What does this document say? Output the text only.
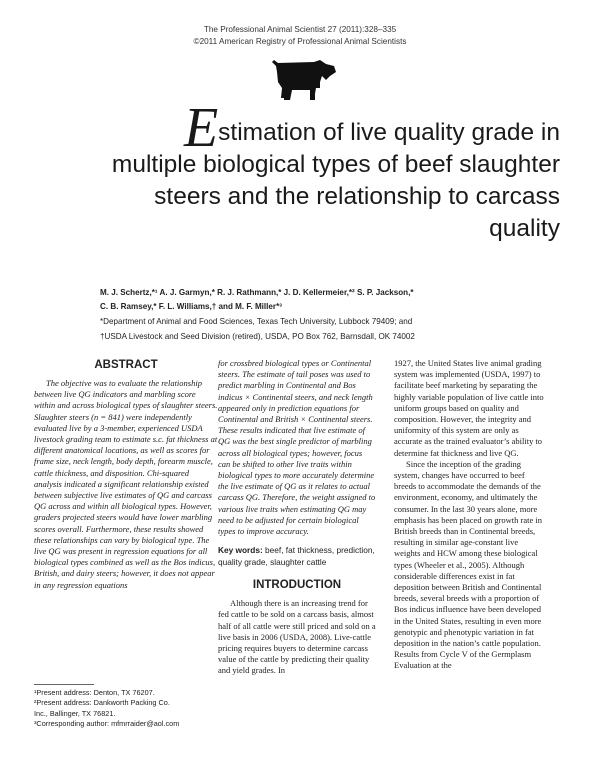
The Professional Animal Scientist 27 (2011):328–335
©2011 American Registry of Professional Animal Scientists
Estimation of live quality grade in multiple biological types of beef slaughter steers and the relationship to carcass quality
M. J. Schertz,*¹ A. J. Garmyn,* R. J. Rathmann,* J. D. Kellermeier,*² S. P. Jackson,*
C. B. Ramsey,* F. L. Williams,† and M. F. Miller*³
*Department of Animal and Food Sciences, Texas Tech University, Lubbock 79409; and
†USDA Livestock and Seed Division (retired), USDA, PO Box 762, Barnsdall, OK 74002
ABSTRACT

The objective was to evaluate the relationship between live QG indicators and marbling score within and across biological types of slaughter steers. Slaughter steers (n = 841) were independently evaluated live by a 3-member, experienced USDA livestock grading team to estimate s.c. fat thickness at different anatomical locations, as well as scores for frame size, neck length, body depth, forearm muscle, cattle thickness, and disposition. Chi-squared analysis indicated a significant relationship existed between subjective live estimates of QG and carcass QG across and within all biological types. However, graders projected steers would have lower marbling scores overall. Furthermore, these results showed these relationships can vary by biological type. The live QG was present in regression equations for all biological types combined as well as the Bos indicus, British, and dairy steers; however, it does not appear in any regression equations

for crossbred biological types or Continental steers. The estimate of tail poses was used to predict marbling in Continental and Bos indicus × Continental steers, and neck length appeared only in prediction equations for Continental and British × Continental steers. These results indicated that live estimate of QG was the best single predictor of marbling across all biological types; however, focus can be shifted to other live traits within biological types to more accurately determine the live estimate of QG as it relates to actual carcass QG. Therefore, the weight assigned to various live traits when estimating QG may need to be adjusted for certain biological types to improve accuracy.

Key words: beef, fat thickness, prediction, quality grade, slaughter cattle

INTRODUCTION

Although there is an increasing trend for fed cattle to be sold on a carcass basis, almost half of all cattle were still priced and sold on a live basis in 2006 (USDA, 2008). Live-cattle pricing requires buyers to determine carcass value of the cattle by predicting their quality and yield grades. In

1927, the United States live animal grading system was implemented (USDA, 1997) to facilitate beef marketing by separating the highly variable population of live cattle into uniform groups based on quality and composition. However, the integrity and uniformity of this system are only as accurate as the trained evaluator’s ability to determine fat thickness and live QG.

Since the inception of the grading system, changes have occurred to beef breeds to accommodate the demands of the environment, economy, and ultimately the consumer. In the last 30 years alone, more emphasis has been placed on growth rate in British breeds than in Continental breeds, resulting in similar age-constant live weights and HCW among these biological types (Wheeler et al., 2005). Although considerable differences exist in fat deposition between British and Continental breeds, several breeds with a proportion of Bos indicus influence have been developed in the United States, resulting in even more genotypic and phenotypic variation in fat deposition in the nation’s cattle population. Results from Cycle V of the Germplasm Evaluation at the

¹Present address: Denton, TX 76207.

²Present address: Dankworth Packing Co. Inc., Ballinger, TX 76821.

³Corresponding author: mfmrraider@aol.com
